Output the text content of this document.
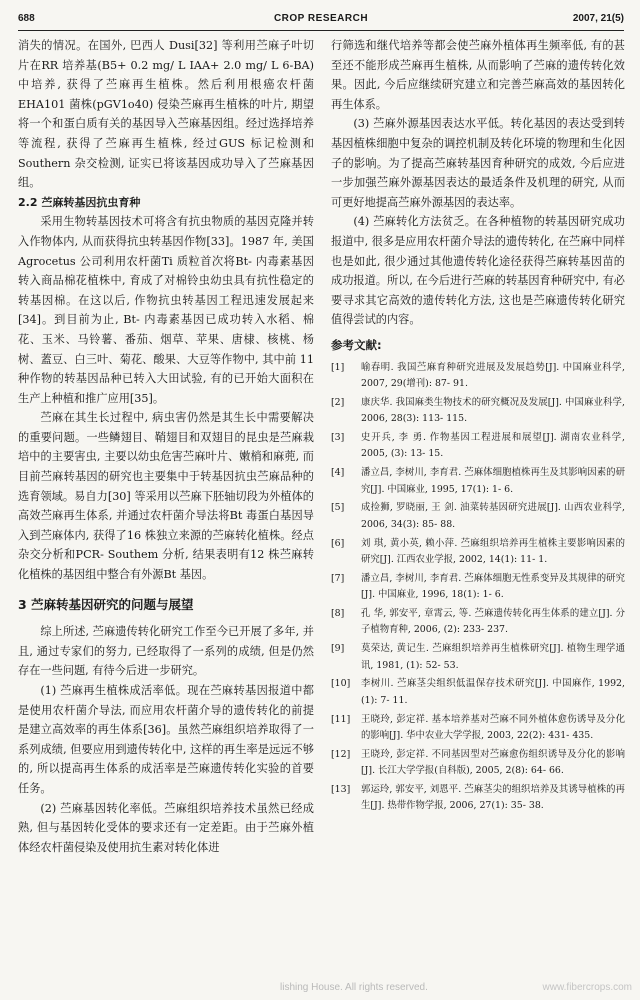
688	CROP RESEARCH	2007, 21(5)

消失的情况。在国外, 巴西人 Dusi[32] 等利用苎麻子叶切片在RR 培养基(B5+ 0.2 mg/ L IAA+ 2.0 mg/ L 6-BA) 中培养, 获得了苎麻再生植株。然后利用根癌农杆菌EHA101 菌株(pGV1o40) 侵染苎麻再生植株的叶片, 期望将一个和蛋白质有关的基因导入苎麻基因组。经过选择培养等流程, 获得了苎麻再生植株, 经过GUS 标记检测和Southern 杂交检测, 证实已将该基因成功导入了苎麻基因组。

2.2 苎麻转基因抗虫育种

采用生物转基因技术可将含有抗虫物质的基因克隆并转入作物体内, 从而获得抗虫转基因作物[33]。1987 年, 美国 Agrocetus 公司利用农杆菌Ti 质粒首次将Bt- 内毒素基因转入商品棉花植株中, 育成了对棉铃虫幼虫具有抗性稳定的转基因棉。在这以后, 作物抗虫转基因工程迅速发展起来[34]。到目前为止, Bt- 内毒素基因已成功转入水稻、棉花、玉米、马铃薯、番茄、烟草、苹果、唐棣、核桃、杨树、蓋豆、白三叶、菊花、酸果、大豆等作物中, 其中前 11 种作物的转基因品种已转入大田试验, 有的已开始大面积在生产上种植和推广应用[35]。

苎麻在其生长过程中, 病虫害仍然是其生长中需要解决的重要问题。一些鳞翅目、鞘翅目和双翅目的昆虫是苎麻栽培中的主要害虫, 主要以幼虫危害苎麻叶片、嫩梢和麻蔸, 而目前苎麻转基因的研究也主要集中于转基因抗虫苎麻品种的选育领域。易自力[30] 等采用以苎麻下胚轴切段为外植体的高效苎麻再生体系, 并通过农杆菌介导法将Bt 毒蛋白基因导入到苎麻体内, 获得了16 株独立来源的苎麻转化植株。经点杂交分析和PCR- Southem 分析, 结果表明有12 株苎麻转化植株的基因组中整合有外源Bt 基因。

3 苎麻转基因研究的问题与展望

综上所述, 苎麻遗传转化研究工作至今已开展了多年, 并且, 通过专家们的努力, 已经取得了一系列的成绩, 但是仍然存在一些问题, 有待今后进一步研究。

(1) 苎麻再生植株成活率低。现在苎麻转基因报道中都是使用农杆菌介导法, 而应用农杆菌介导的遗传转化的前提是建立高效率的再生体系[36]。虽然苎麻组织培养取得了一系列成绩, 但要应用到遗传转化中, 这样的再生率是远远不够的, 所以提高再生体系的成活率是苎麻遗传转化实验的首要任务。

(2) 苎麻基因转化率低。苎麻组织培养技术虽然已经成熟, 但与基因转化受体的要求还有一定差距。由于苎麻外植体经农杆菌侵染及使用抗生素对转化体进

行筛选和继代培养等都会使苎麻外植体再生频率低, 有的甚至还不能形成苎麻再生植株, 从而影响了苎麻的遗传转化效果。因此, 今后应继续研究建立和完善苎麻高效的基因转化再生体系。

(3) 苎麻外源基因表达水平低。转化基因的表达受到转基因植株细胞中复杂的调控机制及转化环境的物理和生化因子的影响。为了提高苎麻转基因育种研究的成效, 今后应进一步加强苎麻外源基因表达的最适条件及机理的研究, 从而可更好地提高苎麻外源基因的表达率。

(4) 苎麻转化方法贫乏。在各种植物的转基因研究成功报道中, 很多是应用农杆菌介导法的遗传转化, 在苎麻中同样也是如此, 很少通过其他遗传转化途径获得苎麻转基因苗的成功报道。所以, 在今后进行苎麻的转基因育种研究中, 有必要寻求其它高效的遗传转化方法, 这也是苎麻遗传转化研究值得尝试的内容。

参考文献:
[1] 喻春明. 我国苎麻育种研究进展及发展趋势[J]. 中国麻业科学, 2007, 29(增刊): 87- 91.
[2] 康庆华. 我国麻类生物技术的研究概况及发展[J]. 中国麻业科学, 2006, 28(3): 113- 115.
[3] 史开兵, 李 勇. 作物基因工程进展和展望[J]. 湖南农业科学, 2005, (3): 13- 15.
[4] 潘立昌, 李树川, 李育君. 苎麻体细胞植株再生及其影响因素的研究[J]. 中国麻业, 1995, 17(1): 1- 6.
[5] 成捡狮, 罗晓丽, 王 剑. 油菜转基因研究进展[J]. 山西农业科学, 2006, 34(3): 85- 88.
[6] 刘 琪, 黄小英, 赖小萍. 苎麻组织培养再生植株主要影响因素的研究[J]. 江西农业学报, 2002, 14(1): 11- 1.
[7] 潘立昌, 李树川, 李育君. 苎麻体细胞无性系变异及其规律的研究[J]. 中国麻业, 1996, 18(1): 1- 6.
[8] 孔 华, 郭安平, 章霄云, 等. 苎麻遗传转化再生体系的建立[J]. 分子植物育种, 2006, (2): 233- 237.
[9] 莫荣达, 黄记生. 苎麻组织培养再生植株研究[J]. 植物生理学通讯, 1981, (1): 52- 53.
[10] 李树川. 苎麻茎尖组织低温保存技术研究[J]. 中国麻作, 1992, (1): 7- 11.
[11] 王晓玲, 彭定祥. 基本培养基对苎麻不同外植体愈伤诱导及分化的影响[J]. 华中农业大学学报, 2003, 22(2): 431- 435.
[12] 王晓玲, 彭定祥. 不同基因型对苎麻愈伤组织诱导及分化的影响[J]. 长江大学学报(自科版), 2005, 2(8): 64- 66.
[13] 郭运玲, 郭安平, 刘恩平. 苎麻茎尖的组织培养及其诱导植株的再生[J]. 热带作物学报, 2006, 27(1): 35- 38.
lishing House. All rights reserved.	www.fibercrops.com
